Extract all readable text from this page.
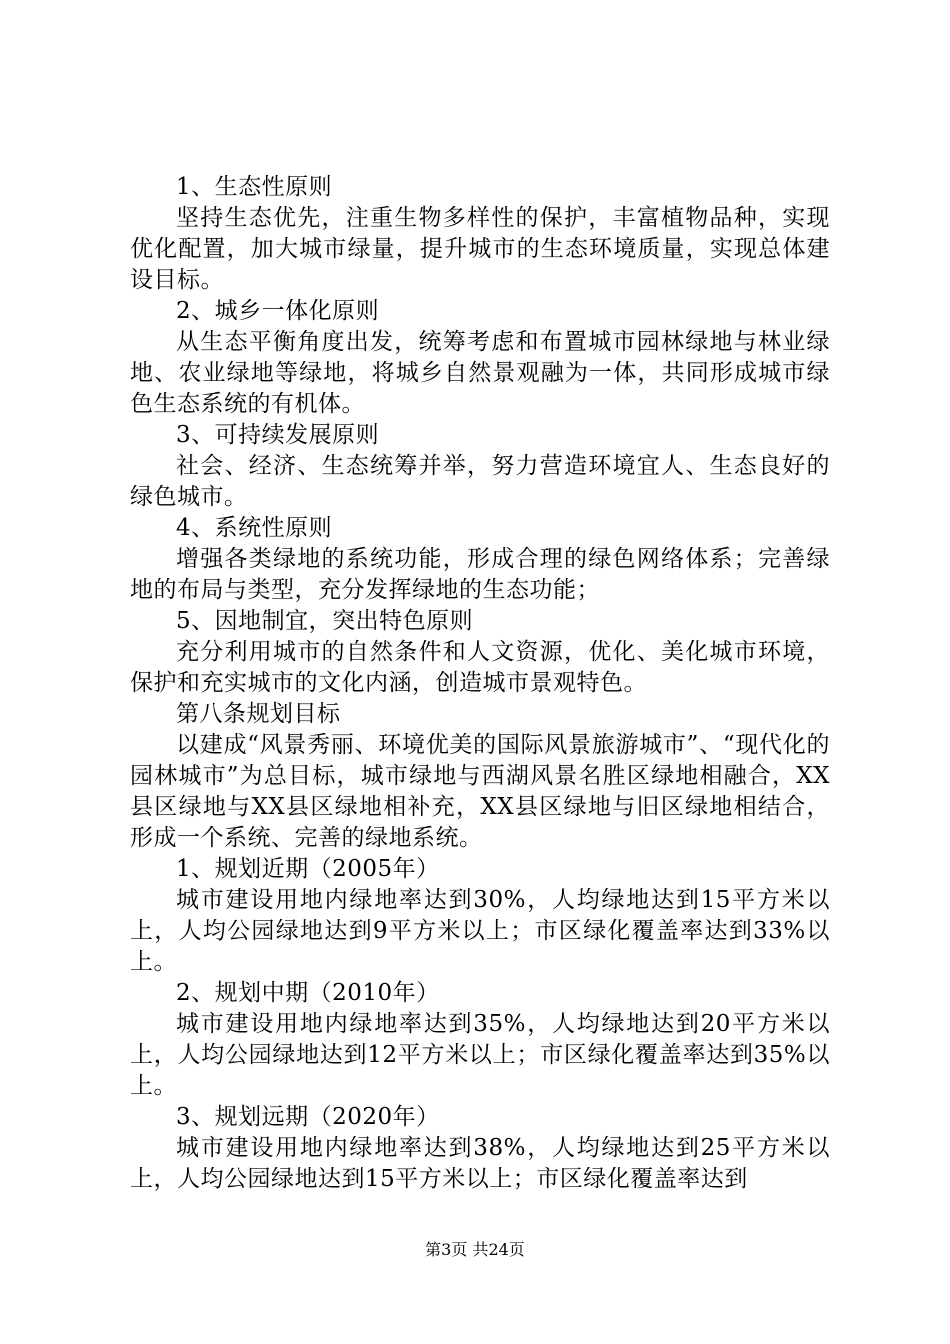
1、生态性原则

坚持生态优先，注重生物多样性的保护，丰富植物品种，实现优化配置，加大城市绿量，提升城市的生态环境质量，实现总体建设目标。

2、城乡一体化原则

从生态平衡角度出发，统筹考虑和布置城市园林绿地与林业绿地、农业绿地等绿地，将城乡自然景观融为一体，共同形成城市绿色生态系统的有机体。

3、可持续发展原则

社会、经济、生态统筹并举，努力营造环境宜人、生态良好的绿色城市。

4、系统性原则

增强各类绿地的系统功能，形成合理的绿色网络体系；完善绿地的布局与类型，充分发挥绿地的生态功能；

5、因地制宜，突出特色原则

充分利用城市的自然条件和人文资源，优化、美化城市环境，保护和充实城市的文化内涵，创造城市景观特色。

第八条规划目标

以建成“风景秀丽、环境优美的国际风景旅游城市”、“现代化的园林城市”为总目标，城市绿地与西湖风景名胜区绿地相融合，XX县区绿地与XX县区绿地相补充，XX县区绿地与旧区绿地相结合，形成一个系统、完善的绿地系统。

1、规划近期（2005年）

城市建设用地内绿地率达到30%，人均绿地达到15平方米以上，人均公园绿地达到9平方米以上；市区绿化覆盖率达到33%以上。

2、规划中期（2010年）

城市建设用地内绿地率达到35%，人均绿地达到20平方米以上，人均公园绿地达到12平方米以上；市区绿化覆盖率达到35%以上。

3、规划远期（2020年）

城市建设用地内绿地率达到38%，人均绿地达到25平方米以上，人均公园绿地达到15平方米以上；市区绿化覆盖率达到

第3页 共24页
